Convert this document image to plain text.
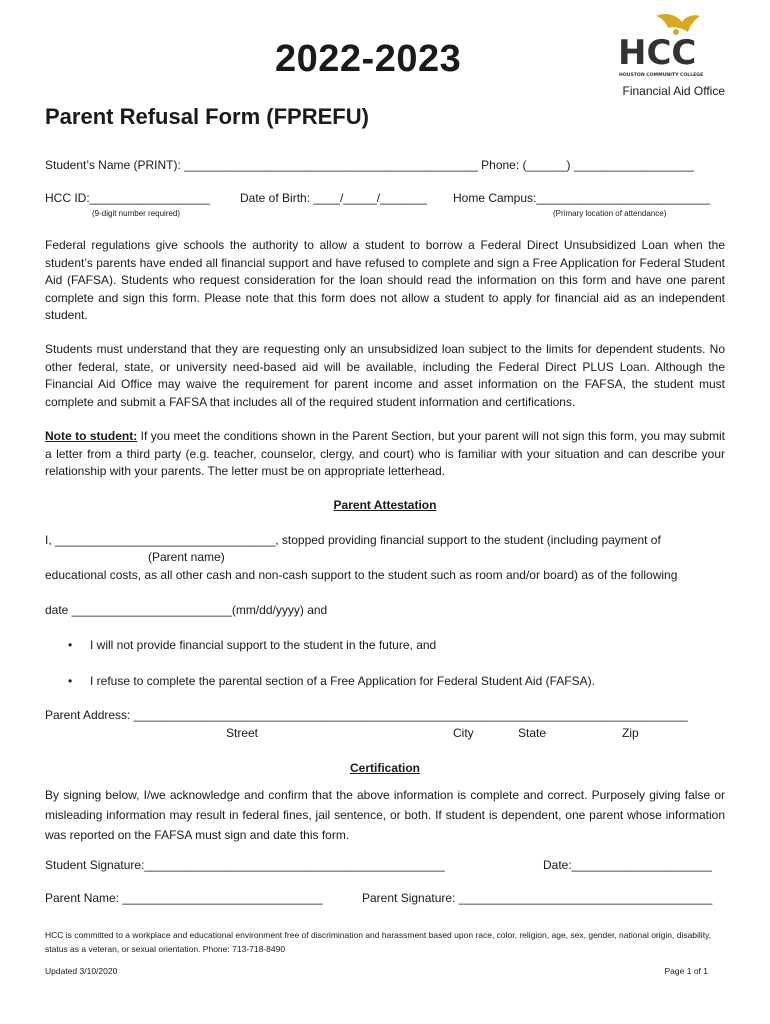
2022-2023
Parent Refusal Form (FPREFU)
HCC
HOUSTON COMMUNITY COLLEGE
Financial Aid Office
Student’s Name (PRINT): ____________________________________________ Phone: (______) __________________
HCC ID:__________________
(9-digit number required)
Date of Birth: ____/_____/_______ Home Campus:__________________________
(Primary location of attendance)
Federal regulations give schools the authority to allow a student to borrow a Federal Direct Unsubsidized Loan when the student’s parents have ended all financial support and have refused to complete and sign a Free Application for Federal Student Aid (FAFSA). Students who request consideration for the loan should read the information on this form and have one parent complete and sign this form. Please note that this form does not allow a student to apply for financial aid as an independent student.
Students must understand that they are requesting only an unsubsidized loan subject to the limits for dependent students. No other federal, state, or university need-based aid will be available, including the Federal Direct PLUS Loan. Although the Financial Aid Office may waive the requirement for parent income and asset information on the FAFSA, the student must complete and submit a FAFSA that includes all of the required student information and certifications.
Note to student: If you meet the conditions shown in the Parent Section, but your parent will not sign this form, you may submit a letter from a third party (e.g. teacher, counselor, clergy, and court) who is familiar with your situation and can describe your relationship with your parents. The letter must be on appropriate letterhead.
Parent Attestation
I, _________________________________, stopped providing financial support to the student (including payment of
(Parent name)
educational costs, as all other cash and non-cash support to the student such as room and/or board) as of the following
date ________________________(mm/dd/yyyy) and
• I will not provide financial support to the student in the future, and
• I refuse to complete the parental section of a Free Application for Federal Student Aid (FAFSA).
Parent Address: ___________________________________________________________________________________
Street	City	State	Zip
Certification
By signing below, I/we acknowledge and confirm that the above information is complete and correct. Purposely giving false or misleading information may result in federal fines, jail sentence, or both. If student is dependent, one parent whose information was reported on the FAFSA must sign and date this form.
Student Signature:_____________________________________________	Date:_____________________
Parent Name: ______________________________	Parent Signature: ______________________________________
HCC is committed to a workplace and educational environment free of discrimination and harassment based upon race, color, religion, age, sex, gender, national origin, disability, status as a veteran, or sexual orientation. Phone: 713-718-8490
Updated 3/10/2020	Page 1 of 1
